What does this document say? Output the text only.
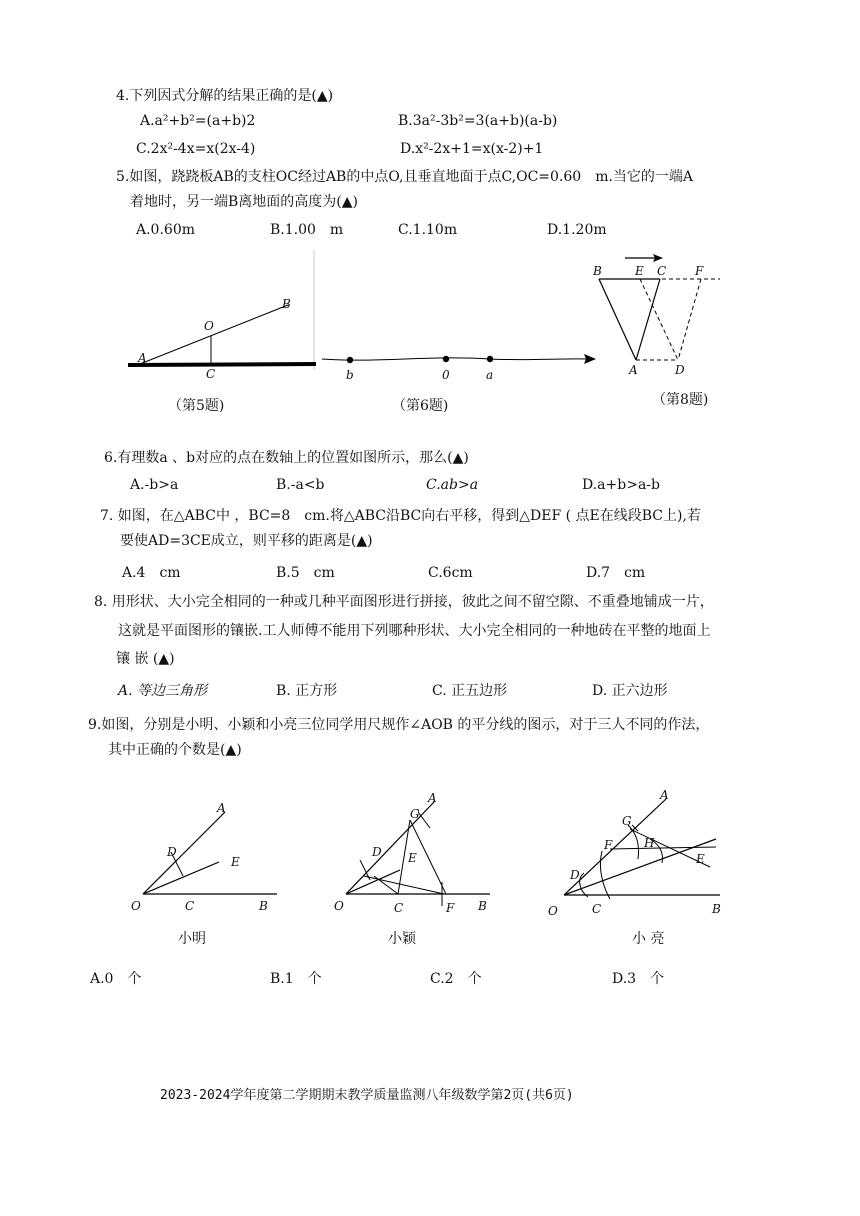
4.下列因式分解的结果正确的是(▲)
A.a²+b²=(a+b)2	B.3a²-3b²=3(a+b)(a-b)
C.2x²-4x=x(2x-4)	D.x²-2x+1=x(x-2)+1
5.如图，跷跷板AB的支柱OC经过AB的中点O,且垂直地面于点C,OC=0.60　m.当它的一端A
着地时，另一端B离地面的高度为(▲)
A.0.60m	B.1.00　m	C.1.10m	D.1.20m
A
O
B
C
（第5题)
b	0	a
（第6题)
B	E C F
A	D
（第8题)
6.有理数a 、b对应的点在数轴上的位置如图所示，那么(▲)
A.-b>a	B.-a<b	C.ab>a	D.a+b>a-b
7. 如图，在△ABC中 ，BC=8　cm.将△ABC沿BC向右平移，得到△DEF ( 点E在线段BC上),若
要使AD=3CE成立，则平移的距离是(▲)
A.4　cm	B.5　cm	C.6cm	D.7　cm
8. 用形状、大小完全相同的一种或几种平面图形进行拼接，彼此之间不留空隙、不重叠地铺成一片，
这就是平面图形的镶嵌.工人师傅不能用下列哪种形状、大小完全相同的一种地砖在平整的地面上
镶 嵌 (▲)
A. 等边三角形	B. 正方形	C. 正五边形	D. 正六边形
9.如图，分别是小明、小颖和小亮三位同学用尺规作∠AOB 的平分线的图示，对于三人不同的作法，
其中正确的个数是(▲)
A
D
E
O	C	B
小明
G
A
D E
O	C	F B
小颖
G
A
F	H
E
D
O	C	B
小 亮
A.0　个	B.1　个	C.2　个	D.3　个
2023-2024学年度第二学期期末教学质量监测八年级数学第2页(共6页)
